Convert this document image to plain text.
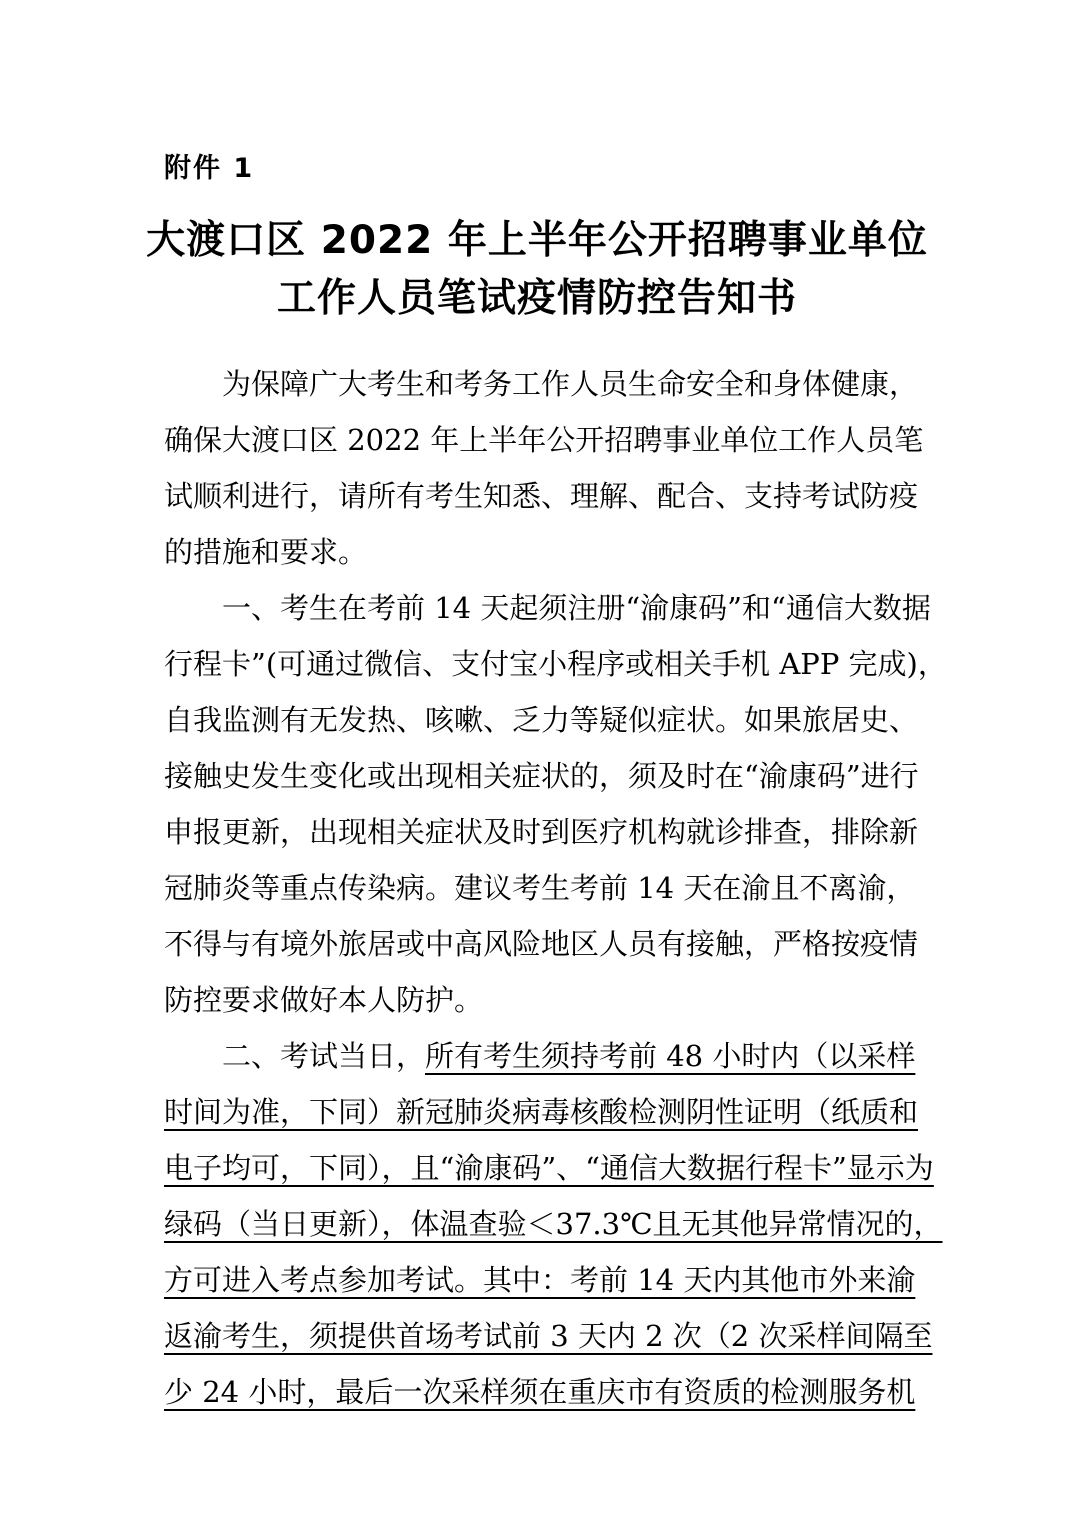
附件 1
大渡口区 2022 年上半年公开招聘事业单位
工作人员笔试疫情防控告知书
为保障广大考生和考务工作人员生命安全和身体健康，
确保大渡口区 2022 年上半年公开招聘事业单位工作人员笔
试顺利进行，请所有考生知悉、理解、配合、支持考试防疫
的措施和要求。
一、考生在考前 14 天起须注册“渝康码”和“通信大数据
行程卡”(可通过微信、支付宝小程序或相关手机 APP 完成)，
自我监测有无发热、咳嗽、乏力等疑似症状。如果旅居史、
接触史发生变化或出现相关症状的，须及时在“渝康码”进行
申报更新，出现相关症状及时到医疗机构就诊排查，排除新
冠肺炎等重点传染病。建议考生考前 14 天在渝且不离渝，
不得与有境外旅居或中高风险地区人员有接触，严格按疫情
防控要求做好本人防护。
二、考试当日，所有考生须持考前 48 小时内（以采样
时间为准，下同）新冠肺炎病毒核酸检测阴性证明（纸质和
电子均可，下同），且“渝康码”、“通信大数据行程卡”显示为
绿码（当日更新），体温查验＜37.3℃且无其他异常情况的，
方可进入考点参加考试。其中：考前 14 天内其他市外来渝
返渝考生，须提供首场考试前 3 天内 2 次（2 次采样间隔至
少 24 小时，最后一次采样须在重庆市有资质的检测服务机
